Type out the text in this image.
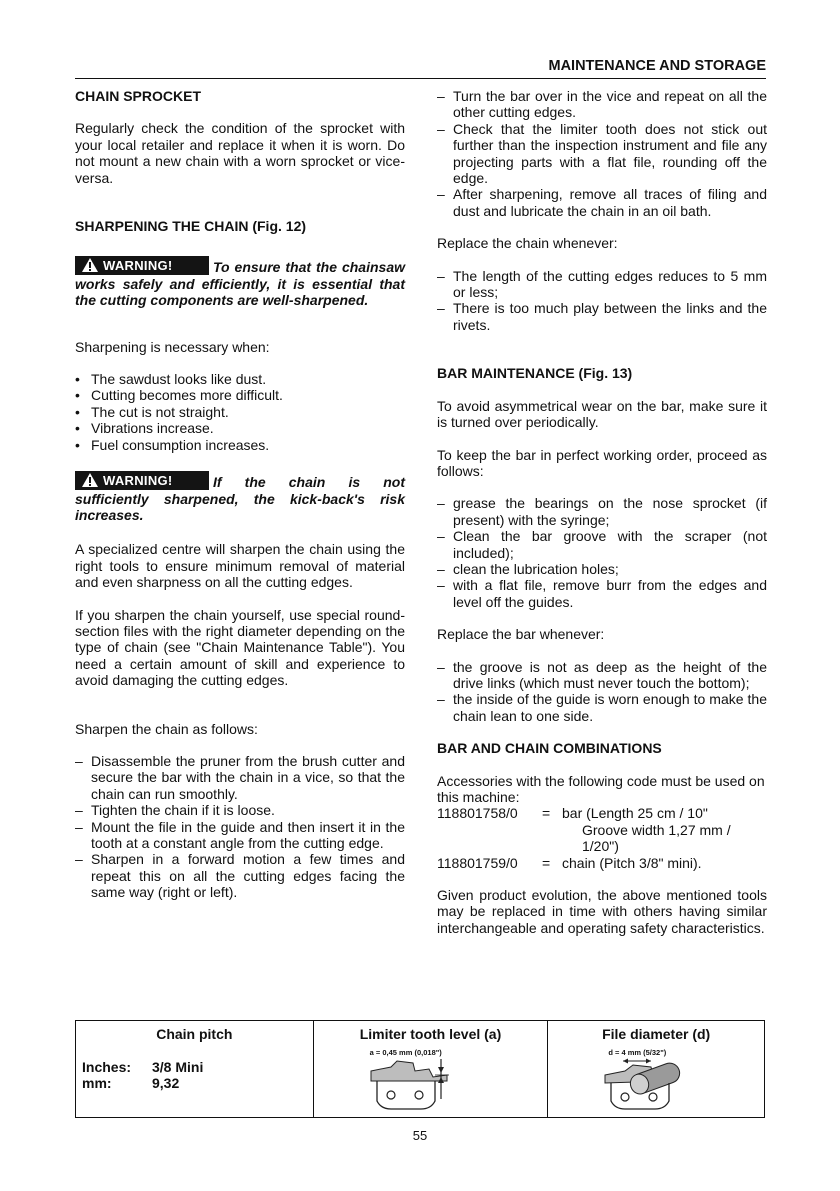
MAINTENANCE AND STORAGE

CHAIN SPROCKET

Regularly check the condition of the sprocket with your local retailer and replace it when it is worn. Do not mount a new chain with a worn sprocket or vice-versa.

SHARPENING THE CHAIN (Fig. 12)

WARNING!	To ensure that the chainsaw works safely and efficiently, it is essential that the cutting components are well-sharpened.

Sharpening is necessary when:

• The sawdust looks like dust.
• Cutting becomes more difficult.
• The cut is not straight.
• Vibrations increase.
• Fuel consumption increases.

WARNING!	If the chain is not sufficiently sharpened, the kick-back's risk increases.

A specialized centre will sharpen the chain using the right tools to ensure minimum removal of material and even sharpness on all the cutting edges.

If you sharpen the chain yourself, use special round-section files with the right diameter depending on the type of chain (see "Chain Maintenance Table"). You need a certain amount of skill and experience to avoid damaging the cutting edges.

Sharpen the chain as follows:

– Disassemble the pruner from the brush cutter and secure the bar with the chain in a vice, so that the chain can run smoothly.
– Tighten the chain if it is loose.
– Mount the file in the guide and then insert it in the tooth at a constant angle from the cutting edge.
– Sharpen in a forward motion a few times and repeat this on all the cutting edges facing the same way (right or left).
– Turn the bar over in the vice and repeat on all the other cutting edges.
– Check that the limiter tooth does not stick out further than the inspection instrument and file any projecting parts with a flat file, rounding off the edge.
– After sharpening, remove all traces of filing and dust and lubricate the chain in an oil bath.

Replace the chain whenever:

– The length of the cutting edges reduces to 5 mm or less;
– There is too much play between the links and the rivets.

BAR MAINTENANCE (Fig. 13)

To avoid asymmetrical wear on the bar, make sure it is turned over periodically.

To keep the bar in perfect working order, proceed as follows:

– grease the bearings on the nose sprocket (if present) with the syringe;
– Clean the bar groove with the scraper (not included);
– clean the lubrication holes;
– with a flat file, remove burr from the edges and level off the guides.

Replace the bar whenever:

– the groove is not as deep as the height of the drive links (which must never touch the bottom);
– the inside of the guide is worn enough to make the chain lean to one side.

BAR AND CHAIN COMBINATIONS

Accessories with the following code must be used on this machine:

118801758/0	=	bar (Length 25 cm / 10"
		Groove width 1,27 mm / 1/20")
118801759/0	=	chain (Pitch 3/8" mini).

Given product evolution, the above mentioned tools may be replaced in time with others having similar interchangeable and operating safety characteristics.

Chain pitch
Inches: 3/8 Mini
mm:	9,32
Limiter tooth level (a)
a = 0,45 mm (0,018")
File diameter (d)
d = 4 mm (5/32")
55
